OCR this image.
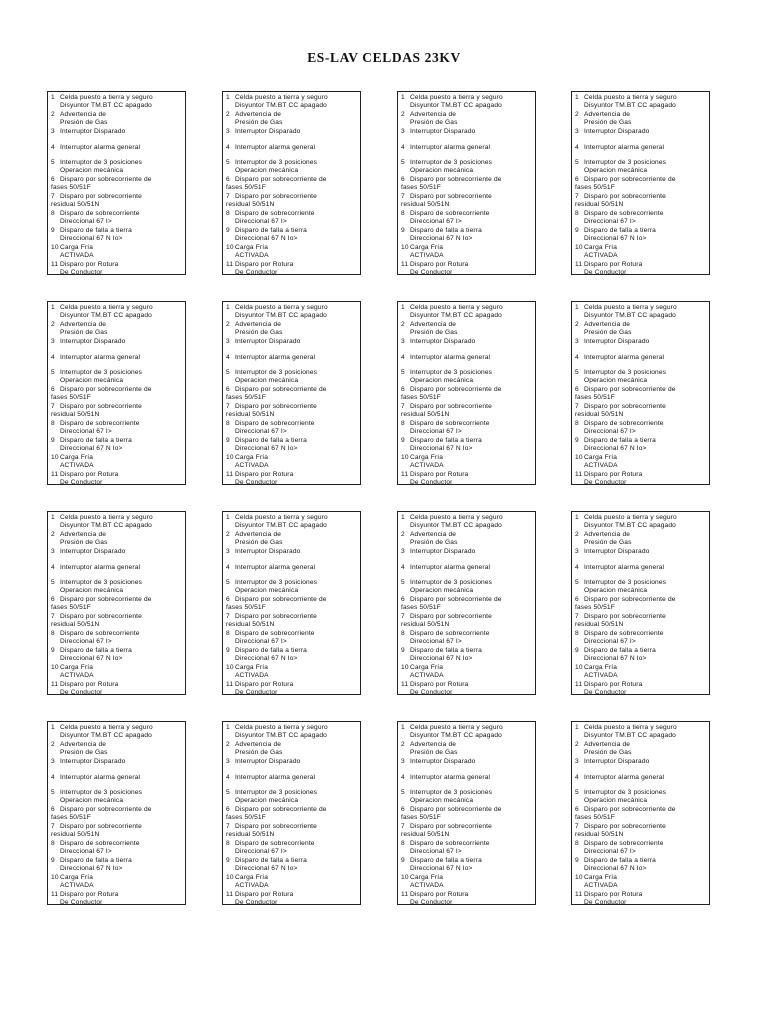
ES-LAV CELDAS 23KV
1 Celda puesto a tierra y seguro
Disyuntor TM.BT CC apagado
2 Advertencia de
Presión de Gas
3 Interruptor Disparado
4 Interruptor alarma general
5 Interruptor de 3 posiciones
Operacion mecánica
6 Disparo por sobrecorriente de
fases 50/51F
7 Disparo por sobrecorriente
residual 50/51N
8 Disparo de sobrecorriente
Direccional 67 I>
9 Disparo de falla a tierra
Direccional 67 N Io>
10Carga Fría
ACTIVADA
11 Disparo por Rotura
De Conductor
1 Celda puesto a tierra y seguro
Disyuntor TM.BT CC apagado
2 Advertencia de
Presión de Gas
3 Interruptor Disparado
4 Interruptor alarma general
5 Interruptor de 3 posiciones
Operacion mecánica
6 Disparo por sobrecorriente de
fases 50/51F
7 Disparo por sobrecorriente
residual 50/51N
8 Disparo de sobrecorriente
Direccional 67 I>
9 Disparo de falla a tierra
Direccional 67 N Io>
10Carga Fría
ACTIVADA
11 Disparo por Rotura
De Conductor
1 Celda puesto a tierra y seguro
Disyuntor TM.BT CC apagado
2 Advertencia de
Presión de Gas
3 Interruptor Disparado
4 Interruptor alarma general
5 Interruptor de 3 posiciones
Operacion mecánica
6 Disparo por sobrecorriente de
fases 50/51F
7 Disparo por sobrecorriente
residual 50/51N
8 Disparo de sobrecorriente
Direccional 67 I>
9 Disparo de falla a tierra
Direccional 67 N Io>
10Carga Fría
ACTIVADA
11 Disparo por Rotura
De Conductor
1 Celda puesto a tierra y seguro
Disyuntor TM.BT CC apagado
2 Advertencia de
Presión de Gas
3 Interruptor Disparado
4 Interruptor alarma general
5 Interruptor de 3 posiciones
Operacion mecánica
6 Disparo por sobrecorriente de
fases 50/51F
7 Disparo por sobrecorriente
residual 50/51N
8 Disparo de sobrecorriente
Direccional 67 I>
9 Disparo de falla a tierra
Direccional 67 N Io>
10Carga Fría
ACTIVADA
11 Disparo por Rotura
De Conductor
1 Celda puesto a tierra y seguro
Disyuntor TM.BT CC apagado
2 Advertencia de
Presión de Gas
3 Interruptor Disparado
4 Interruptor alarma general
5 Interruptor de 3 posiciones
Operacion mecánica
6 Disparo por sobrecorriente de
fases 50/51F
7 Disparo por sobrecorriente
residual 50/51N
8 Disparo de sobrecorriente
Direccional 67 I>
9 Disparo de falla a tierra
Direccional 67 N Io>
10Carga Fría
ACTIVADA
11 Disparo por Rotura
De Conductor
1 Celda puesto a tierra y seguro
Disyuntor TM.BT CC apagado
2 Advertencia de
Presión de Gas
3 Interruptor Disparado
4 Interruptor alarma general
5 Interruptor de 3 posiciones
Operacion mecánica
6 Disparo por sobrecorriente de
fases 50/51F
7 Disparo por sobrecorriente
residual 50/51N
8 Disparo de sobrecorriente
Direccional 67 I>
9 Disparo de falla a tierra
Direccional 67 N Io>
10Carga Fría
ACTIVADA
11 Disparo por Rotura
De Conductor
1 Celda puesto a tierra y seguro
Disyuntor TM.BT CC apagado
2 Advertencia de
Presión de Gas
3 Interruptor Disparado
4 Interruptor alarma general
5 Interruptor de 3 posiciones
Operacion mecánica
6 Disparo por sobrecorriente de
fases 50/51F
7 Disparo por sobrecorriente
residual 50/51N
8 Disparo de sobrecorriente
Direccional 67 I>
9 Disparo de falla a tierra
Direccional 67 N Io>
10Carga Fría
ACTIVADA
11 Disparo por Rotura
De Conductor
1 Celda puesto a tierra y seguro
Disyuntor TM.BT CC apagado
2 Advertencia de
Presión de Gas
3 Interruptor Disparado
4 Interruptor alarma general
5 Interruptor de 3 posiciones
Operacion mecánica
6 Disparo por sobrecorriente de
fases 50/51F
7 Disparo por sobrecorriente
residual 50/51N
8 Disparo de sobrecorriente
Direccional 67 I>
9 Disparo de falla a tierra
Direccional 67 N Io>
10Carga Fría
ACTIVADA
11 Disparo por Rotura
De Conductor
1 Celda puesto a tierra y seguro
Disyuntor TM.BT CC apagado
2 Advertencia de
Presión de Gas
3 Interruptor Disparado
4 Interruptor alarma general
5 Interruptor de 3 posiciones
Operacion mecánica
6 Disparo por sobrecorriente de
fases 50/51F
7 Disparo por sobrecorriente
residual 50/51N
8 Disparo de sobrecorriente
Direccional 67 I>
9 Disparo de falla a tierra
Direccional 67 N Io>
10Carga Fría
ACTIVADA
11 Disparo por Rotura
De Conductor
1 Celda puesto a tierra y seguro
Disyuntor TM.BT CC apagado
2 Advertencia de
Presión de Gas
3 Interruptor Disparado
4 Interruptor alarma general
5 Interruptor de 3 posiciones
Operacion mecánica
6 Disparo por sobrecorriente de
fases 50/51F
7 Disparo por sobrecorriente
residual 50/51N
8 Disparo de sobrecorriente
Direccional 67 I>
9 Disparo de falla a tierra
Direccional 67 N Io>
10Carga Fría
ACTIVADA
11 Disparo por Rotura
De Conductor
1 Celda puesto a tierra y seguro
Disyuntor TM.BT CC apagado
2 Advertencia de
Presión de Gas
3 Interruptor Disparado
4 Interruptor alarma general
5 Interruptor de 3 posiciones
Operacion mecánica
6 Disparo por sobrecorriente de
fases 50/51F
7 Disparo por sobrecorriente
residual 50/51N
8 Disparo de sobrecorriente
Direccional 67 I>
9 Disparo de falla a tierra
Direccional 67 N Io>
10Carga Fría
ACTIVADA
11 Disparo por Rotura
De Conductor
1 Celda puesto a tierra y seguro
Disyuntor TM.BT CC apagado
2 Advertencia de
Presión de Gas
3 Interruptor Disparado
4 Interruptor alarma general
5 Interruptor de 3 posiciones
Operacion mecánica
6 Disparo por sobrecorriente de
fases 50/51F
7 Disparo por sobrecorriente
residual 50/51N
8 Disparo de sobrecorriente
Direccional 67 I>
9 Disparo de falla a tierra
Direccional 67 N Io>
10Carga Fría
ACTIVADA
11 Disparo por Rotura
De Conductor
1 Celda puesto a tierra y seguro
Disyuntor TM.BT CC apagado
2 Advertencia de
Presión de Gas
3 Interruptor Disparado
4 Interruptor alarma general
5 Interruptor de 3 posiciones
Operacion mecánica
6 Disparo por sobrecorriente de
fases 50/51F
7 Disparo por sobrecorriente
residual 50/51N
8 Disparo de sobrecorriente
Direccional 67 I>
9 Disparo de falla a tierra
Direccional 67 N Io>
10Carga Fría
ACTIVADA
11 Disparo por Rotura
De Conductor
1 Celda puesto a tierra y seguro
Disyuntor TM.BT CC apagado
2 Advertencia de
Presión de Gas
3 Interruptor Disparado
4 Interruptor alarma general
5 Interruptor de 3 posiciones
Operacion mecánica
6 Disparo por sobrecorriente de
fases 50/51F
7 Disparo por sobrecorriente
residual 50/51N
8 Disparo de sobrecorriente
Direccional 67 I>
9 Disparo de falla a tierra
Direccional 67 N Io>
10Carga Fría
ACTIVADA
11 Disparo por Rotura
De Conductor
1 Celda puesto a tierra y seguro
Disyuntor TM.BT CC apagado
2 Advertencia de
Presión de Gas
3 Interruptor Disparado
4 Interruptor alarma general
5 Interruptor de 3 posiciones
Operacion mecánica
6 Disparo por sobrecorriente de
fases 50/51F
7 Disparo por sobrecorriente
residual 50/51N
8 Disparo de sobrecorriente
Direccional 67 I>
9 Disparo de falla a tierra
Direccional 67 N Io>
10Carga Fría
ACTIVADA
11 Disparo por Rotura
De Conductor
1 Celda puesto a tierra y seguro
Disyuntor TM.BT CC apagado
2 Advertencia de
Presión de Gas
3 Interruptor Disparado
4 Interruptor alarma general
5 Interruptor de 3 posiciones
Operacion mecánica
6 Disparo por sobrecorriente de
fases 50/51F
7 Disparo por sobrecorriente
residual 50/51N
8 Disparo de sobrecorriente
Direccional 67 I>
9 Disparo de falla a tierra
Direccional 67 N Io>
10Carga Fría
ACTIVADA
11 Disparo por Rotura
De Conductor
